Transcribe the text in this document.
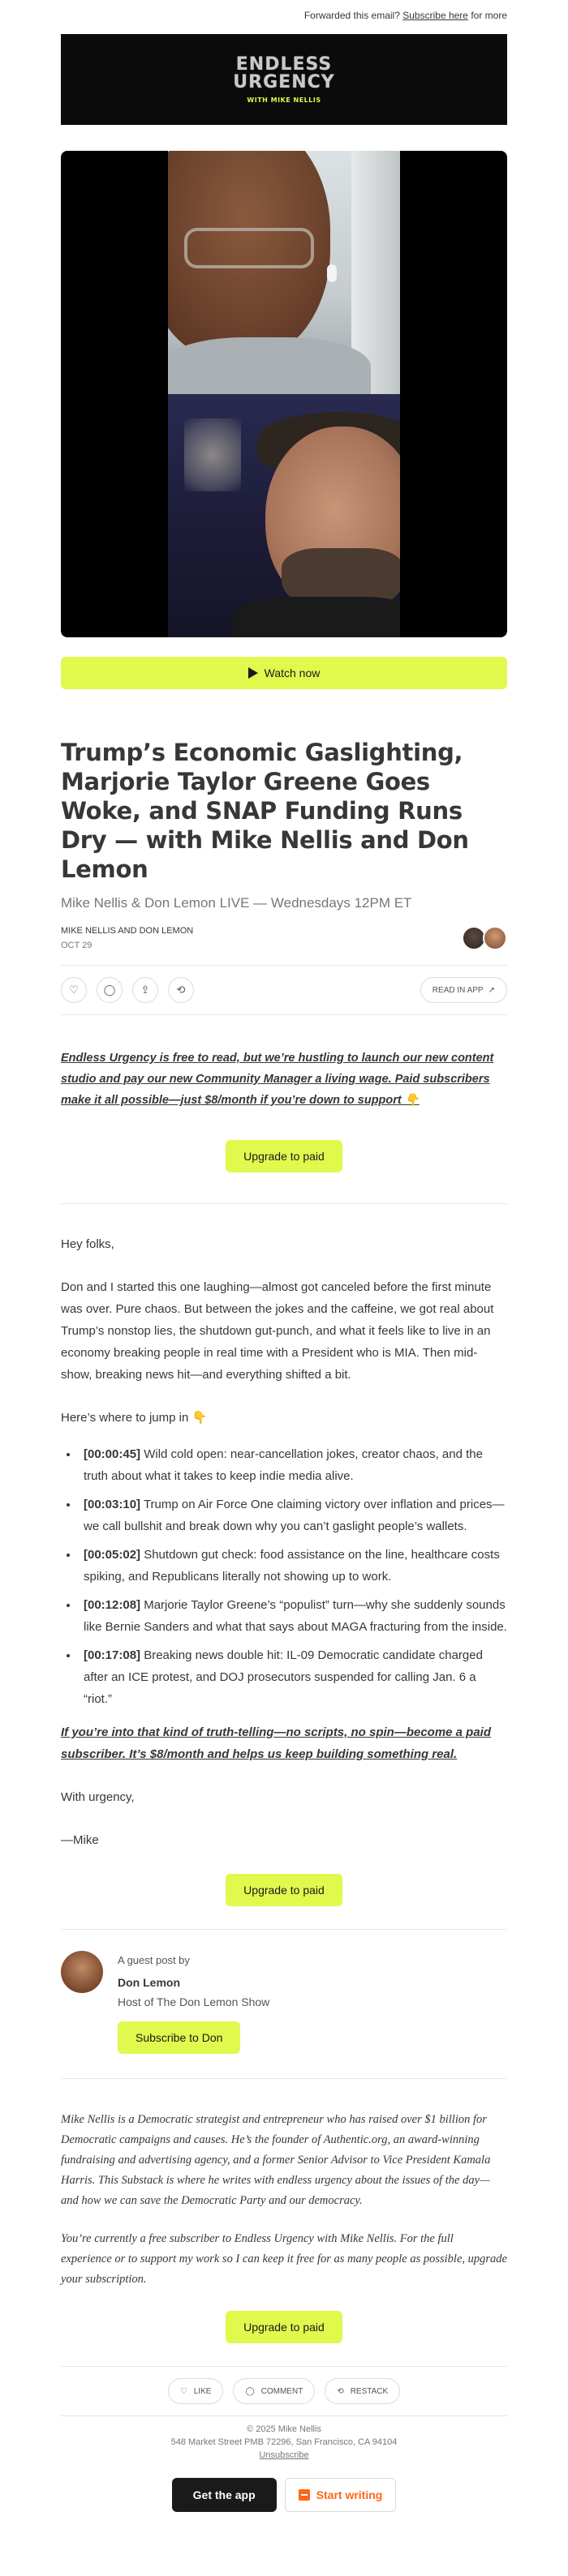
Forwarded this email? Subscribe here for more
ENDLESS
URGENCY
WITH MIKE NELLIS
Watch now
Trump’s Economic Gaslighting, Marjorie Taylor Greene Goes Woke, and SNAP Funding Runs Dry — with Mike Nellis and Don Lemon
Mike Nellis & Don Lemon LIVE — Wednesdays 12PM ET
MIKE NELLIS AND DON LEMON
OCT 29
♡ ◯ ⇪	⟲	READ IN APP ↗
Endless Urgency is free to read, but we’re hustling to launch our new content studio and pay our new Community Manager a living wage. Paid subscribers make it all possible—just $8/month if you’re down to support 👇
Upgrade to paid
Hey folks,
Don and I started this one laughing—almost got canceled before the first minute was over. Pure chaos. But between the jokes and the caffeine, we got real about Trump’s nonstop lies, the shutdown gut-punch, and what it feels like to live in an economy breaking people in real time with a President who is MIA. Then mid-show, breaking news hit—and everything shifted a bit.
Here’s where to jump in 👇
• [00:00:45] Wild cold open: near-cancellation jokes, creator chaos, and the truth about what it takes to keep indie media alive.
• [00:03:10] Trump on Air Force One claiming victory over inflation and prices—we call bullshit and break down why you can’t gaslight people’s wallets.
• [00:05:02] Shutdown gut check: food assistance on the line, healthcare costs spiking, and Republicans literally not showing up to work.
• [00:12:08] Marjorie Taylor Greene’s “populist” turn—why she suddenly sounds like Bernie Sanders and what that says about MAGA fracturing from the inside.
• [00:17:08] Breaking news double hit: IL-09 Democratic candidate charged after an ICE protest, and DOJ prosecutors suspended for calling Jan. 6 a “riot.”
If you’re into that kind of truth-telling—no scripts, no spin—become a paid subscriber. It’s $8/month and helps us keep building something real.
With urgency,
—Mike
Upgrade to paid
A guest post by
Don Lemon
Host of The Don Lemon Show
Subscribe to Don
Mike Nellis is a Democratic strategist and entrepreneur who has raised over $1 billion for Democratic campaigns and causes. He’s the founder of Authentic.org, an award-winning fundraising and advertising agency, and a former Senior Advisor to Vice President Kamala Harris. This Substack is where he writes with endless urgency about the issues of the day—and how we can save the Democratic Party and our democracy.
You’re currently a free subscriber to Endless Urgency with Mike Nellis. For the full experience or to support my work so I can keep it free for as many people as possible, upgrade your subscription.
Upgrade to paid
♡ LIKE	◯ COMMENT	⟲ RESTACK
© 2025 Mike Nellis
548 Market Street PMB 72296, San Francisco, CA 94104
Unsubscribe
Get the app	Start writing
